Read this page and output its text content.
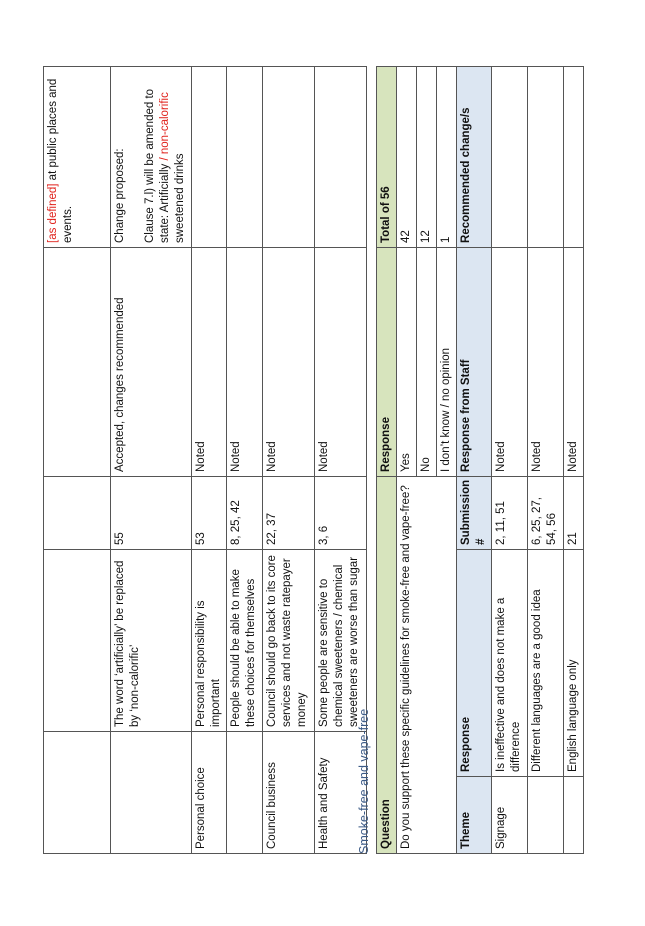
				[as defined] at public places and events.
	The word ‘artificially’ be replaced by ‘non-calorific’	55	Accepted, changes recommended	Change proposed: Clause 7.l) will be amended to state: Artificially / non-calorific sweetened drinks
Personal choice	Personal responsibility is important	53	Noted	
	People should be able to make these choices for themselves	8, 25, 42	Noted	
Council business	Council should go back to its core services and not waste ratepayer money	22, 37	Noted	
Health and Safety	Some people are sensitive to chemical sweeteners / chemical sweeteners are worse than sugar	3, 6	Noted	
Smoke-free and vape-free Question			Response	Total of 56
Do you support these specific guidelines for smoke-free and vape-free?			Yes	42
			No	12
			I don’t know / no opinion	1
Theme	Response	Submission #	Response from Staff	Recommended change/s
Signage	Is ineffective and does not make a difference	2, 11, 51	Noted	
	Different languages are a good idea	6, 25, 27, 54, 56	Noted	
	English language only	21	Noted	
